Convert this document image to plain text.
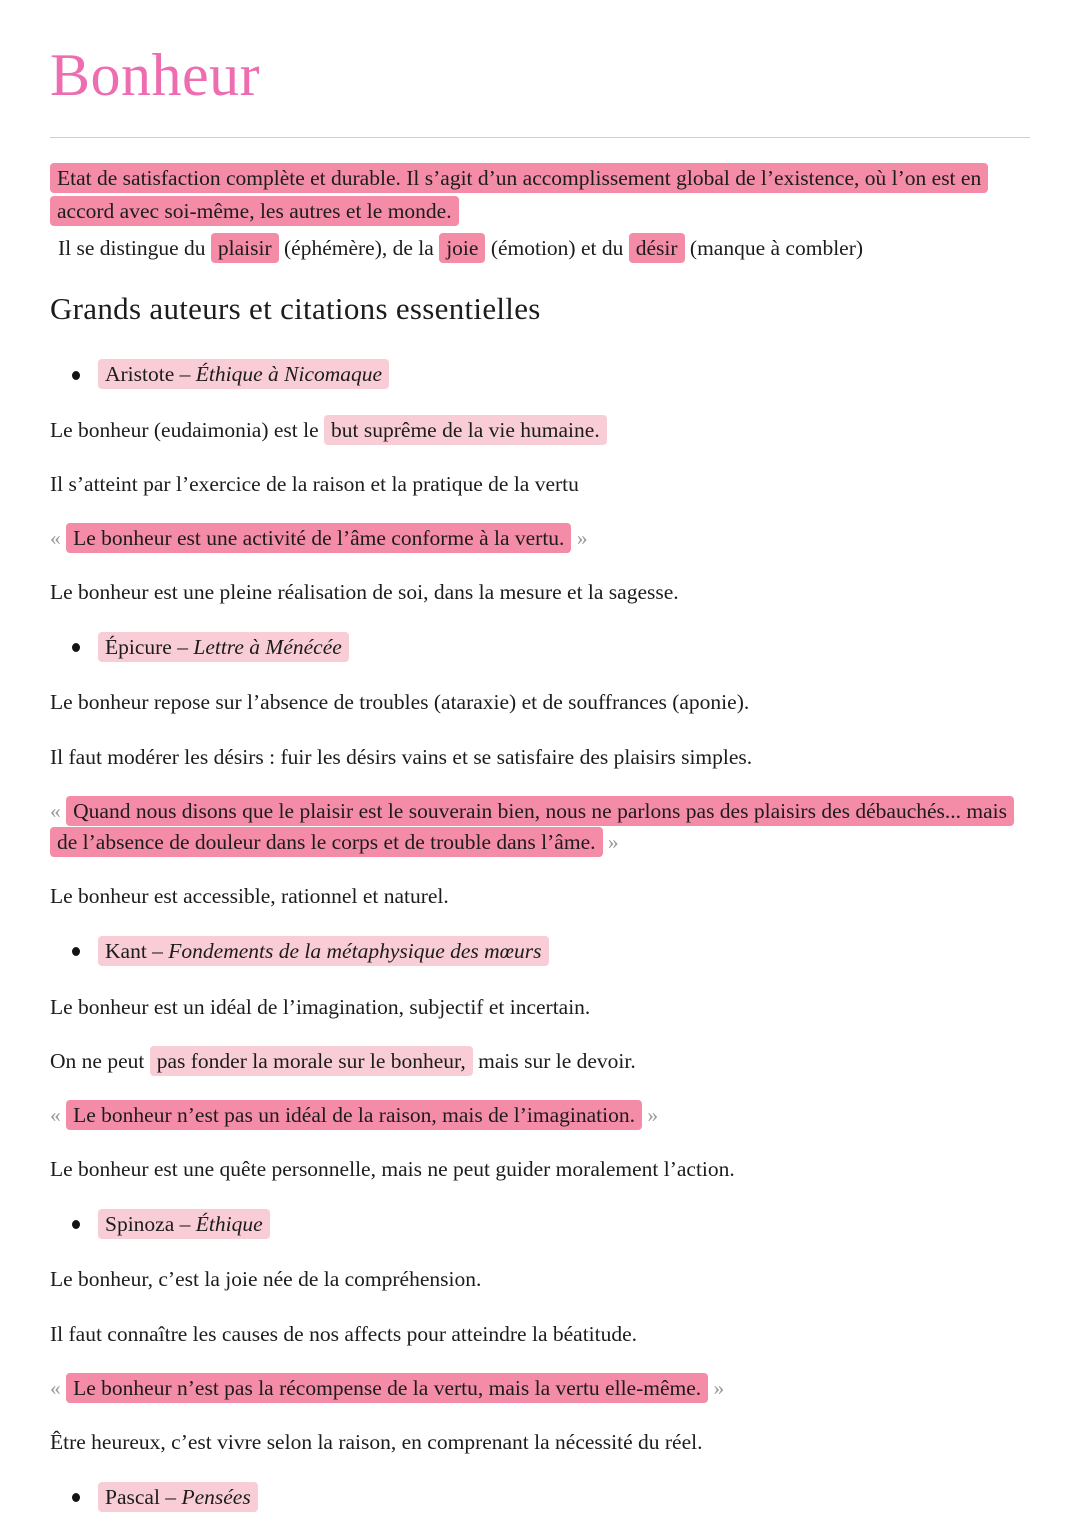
Bonheur
Etat de satisfaction complète et durable. Il s’agit d’un accomplissement global de l’existence, où l’on est en accord avec soi-même, les autres et le monde.
Il se distingue du plaisir (éphémère), de la joie (émotion) et du désir (manque à combler)
Grands auteurs et citations essentielles
Aristote – Éthique à Nicomaque
Le bonheur (eudaimonia) est le but suprême de la vie humaine.
Il s’atteint par l’exercice de la raison et la pratique de la vertu
« Le bonheur est une activité de l’âme conforme à la vertu. »
Le bonheur est une pleine réalisation de soi, dans la mesure et la sagesse.
Épicure – Lettre à Ménécée
Le bonheur repose sur l’absence de troubles (ataraxie) et de souffrances (aponie).
Il faut modérer les désirs : fuir les désirs vains et se satisfaire des plaisirs simples.
« Quand nous disons que le plaisir est le souverain bien, nous ne parlons pas des plaisirs des débauchés... mais de l’absence de douleur dans le corps et de trouble dans l’âme. »
Le bonheur est accessible, rationnel et naturel.
Kant – Fondements de la métaphysique des mœurs
Le bonheur est un idéal de l’imagination, subjectif et incertain.
On ne peut pas fonder la morale sur le bonheur, mais sur le devoir.
« Le bonheur n’est pas un idéal de la raison, mais de l’imagination. »
Le bonheur est une quête personnelle, mais ne peut guider moralement l’action.
Spinoza – Éthique
Le bonheur, c’est la joie née de la compréhension.
Il faut connaître les causes de nos affects pour atteindre la béatitude.
« Le bonheur n’est pas la récompense de la vertu, mais la vertu elle-même. »
Être heureux, c’est vivre selon la raison, en comprenant la nécessité du réel.
Pascal – Pensées
